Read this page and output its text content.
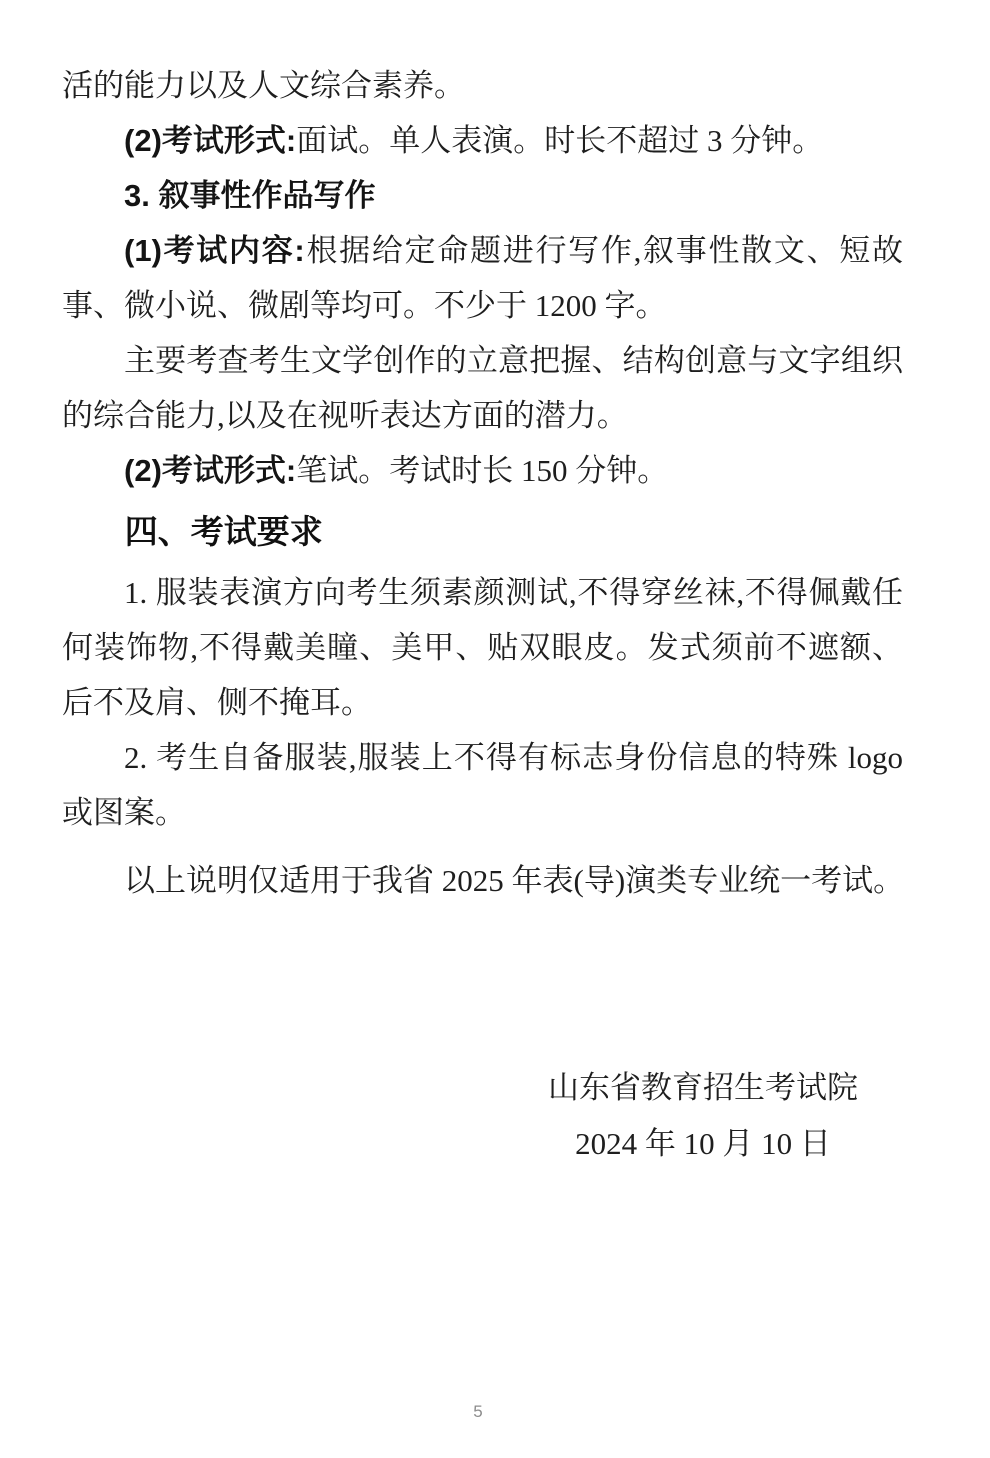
活的能力以及人文综合素养。

(2)考试形式:面试。单人表演。时长不超过 3 分钟。

3. 叙事性作品写作

(1)考试内容:根据给定命题进行写作,叙事性散文、短故事、微小说、微剧等均可。不少于 1200 字。

主要考查考生文学创作的立意把握、结构创意与文字组织的综合能力,以及在视听表达方面的潜力。

(2)考试形式:笔试。考试时长 150 分钟。

四、考试要求

1. 服装表演方向考生须素颜测试,不得穿丝袜,不得佩戴任何装饰物,不得戴美瞳、美甲、贴双眼皮。发式须前不遮额、后不及肩、侧不掩耳。

2. 考生自备服装,服装上不得有标志身份信息的特殊 logo 或图案。

以上说明仅适用于我省 2025 年表(导)演类专业统一考试。

山东省教育招生考试院
2024 年 10 月 10 日
5
